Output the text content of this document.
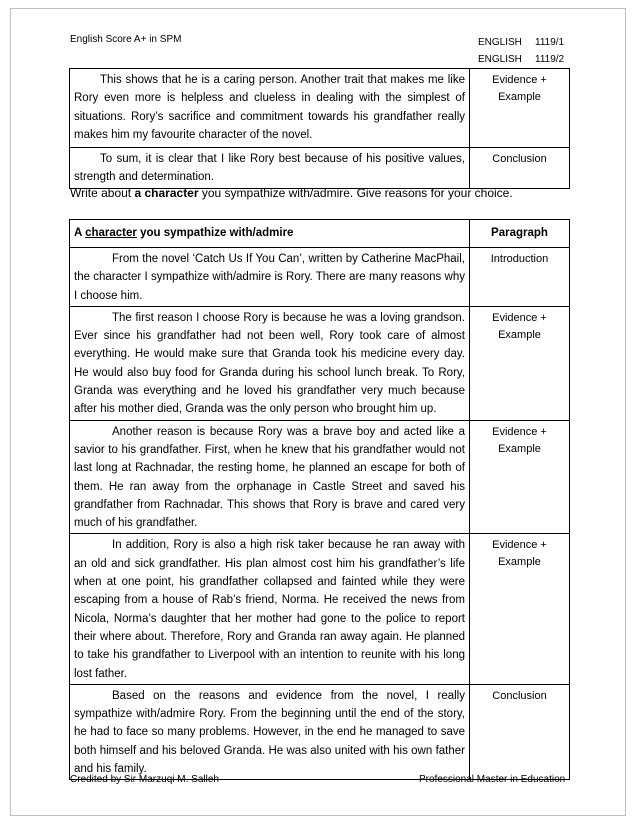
English Score A+ in SPM	ENGLISH	1119/1
ENGLISH	1119/2
This shows that he is a caring person. Another trait that makes me like Rory even more is helpless and clueless in dealing with the simplest of situations. Rory’s sacrifice and commitment towards his grandfather really makes him my favourite character of the novel.	Evidence + Example
To sum, it is clear that I like Rory best because of his positive values, strength and determination.	Conclusion
Write about a character you sympathize with/admire. Give reasons for your choice.
A character you sympathize with/admire	Paragraph
From the novel ‘Catch Us If You Can’, written by Catherine MacPhail, the character I sympathize with/admire is Rory. There are many reasons why I choose him.	Introduction
The first reason I choose Rory is because he was a loving grandson. Ever since his grandfather had not been well, Rory took care of almost everything. He would make sure that Granda took his medicine every day. He would also buy food for Granda during his school lunch break. To Rory, Granda was everything and he loved his grandfather very much because after his mother died, Granda was the only person who brought him up.	Evidence + Example
Another reason is because Rory was a brave boy and acted like a savior to his grandfather. First, when he knew that his grandfather would not last long at Rachnadar, the resting home, he planned an escape for both of them. He ran away from the orphanage in Castle Street and saved his grandfather from Rachnadar. This shows that Rory is brave and cared very much of his grandfather.	Evidence + Example
In addition, Rory is also a high risk taker because he ran away with an old and sick grandfather. His plan almost cost him his grandfather’s life when at one point, his grandfather collapsed and fainted while they were escaping from a house of Rab’s friend, Norma. He received the news from Nicola, Norma’s daughter that her mother had gone to the police to report their where about. Therefore, Rory and Granda ran away again. He planned to take his grandfather to Liverpool with an intention to reunite with his long lost father.	Evidence + Example
Based on the reasons and evidence from the novel, I really sympathize with/admire Rory. From the beginning until the end of the story, he had to face so many problems. However, in the end he managed to save both himself and his beloved Granda. He was also united with his own father and his family.	Conclusion
Credited by Sir Marzuqi M. Salleh	Professional Master in Education
